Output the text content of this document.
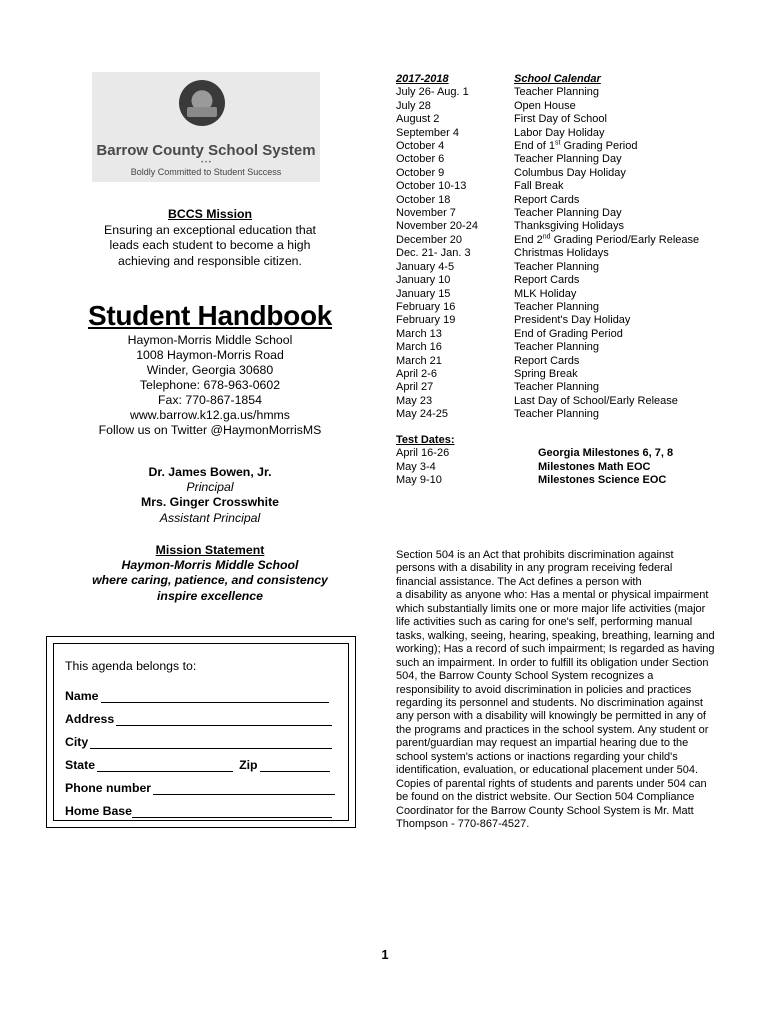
Barrow County School System
• • •
Boldly Committed to Student Success
BCCS Mission
Ensuring an exceptional education that
leads each student to become a high
achieving and responsible citizen.
Student Handbook
Haymon-Morris Middle School
1008 Haymon-Morris Road
Winder, Georgia 30680
Telephone: 678-963-0602
Fax: 770-867-1854
www.barrow.k12.ga.us/hmms
Follow us on Twitter @HaymonMorrisMS
Dr. James Bowen, Jr.
Principal
Mrs. Ginger Crosswhite
Assistant Principal
Mission Statement
Haymon-Morris Middle School
where caring, patience, and consistency
inspire excellence
This agenda belongs to:
Name
Address
City
State	Zip
Phone number
Home Base
2017-2018	School Calendar
July 26- Aug. 1	Teacher Planning
July 28	Open House
August 2	First Day of School
September 4	Labor Day Holiday
October 4	End of 1st Grading Period
October 6	Teacher Planning Day
October 9	Columbus Day Holiday
October 10-13	Fall Break
October 18	Report Cards
November 7	Teacher Planning Day
November 20-24	Thanksgiving Holidays
December 20	End 2nd Grading Period/Early Release
Dec. 21- Jan. 3	Christmas Holidays
January 4-5	Teacher Planning
January 10	Report Cards
January 15	MLK Holiday
February 16	Teacher Planning
February 19	President's Day Holiday
March 13	End of Grading Period
March 16	Teacher Planning
March 21	Report Cards
April 2-6	Spring Break
April 27	Teacher Planning
May 23	Last Day of School/Early Release
May 24-25	Teacher Planning
Test Dates:
April 16-26	Georgia Milestones 6, 7, 8
May 3-4	Milestones Math EOC
May 9-10	Milestones Science EOC
Section 504 is an Act that prohibits discrimination against
persons with a disability in any program receiving federal
financial assistance. The Act defines a person with
a disability as anyone who: Has a mental or physical impairment
which substantially limits one or more major life activities (major
life activities such as caring for one's self, performing manual
tasks, walking, seeing, hearing, speaking, breathing, learning and
working); Has a record of such impairment; Is regarded as having
such an impairment. In order to fulfill its obligation under Section
504, the Barrow County School System recognizes a
responsibility to avoid discrimination in policies and practices
regarding its personnel and students. No discrimination against
any person with a disability will knowingly be permitted in any of
the programs and practices in the school system. Any student or
parent/guardian may request an impartial hearing due to the
school system's actions or inactions regarding your child's
identification, evaluation, or educational placement under 504.
Copies of parental rights of students and parents under 504 can
be found on the district website. Our Section 504 Compliance
Coordinator for the Barrow County School System is Mr. Matt
Thompson - 770-867-4527.
1
